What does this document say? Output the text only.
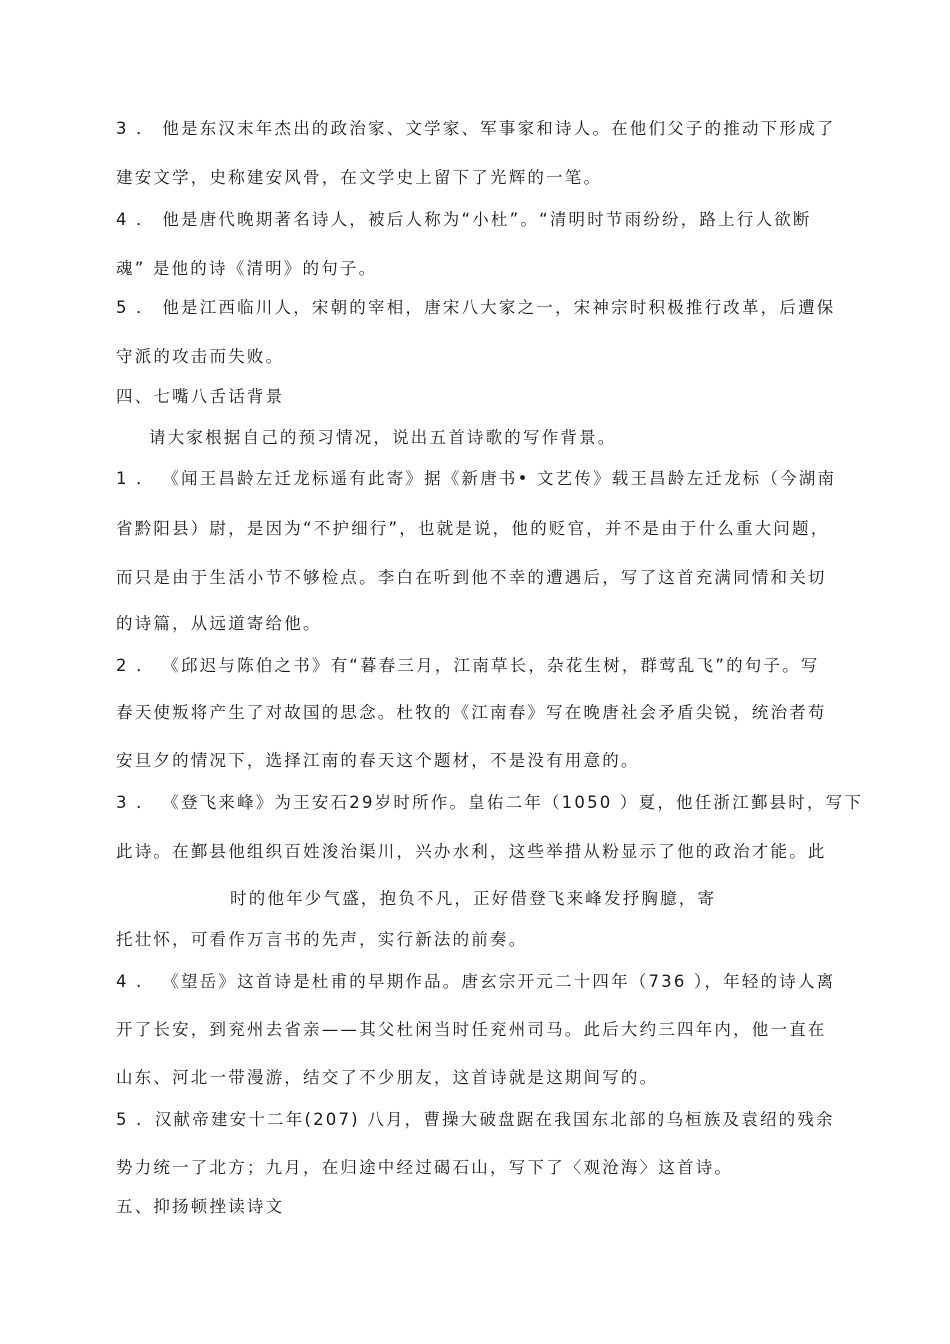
3 ． 他是东汉末年杰出的政治家、文学家、军事家和诗人。在他们父子的推动下形成了
建安文学，史称建安风骨，在文学史上留下了光辉的一笔。
4 ． 他是唐代晚期著名诗人，被后人称为“小杜”。“清明时节雨纷纷，路上行人欲断
魂” 是他的诗《清明》的句子。
5 ． 他是江西临川人，宋朝的宰相，唐宋八大家之一，宋神宗时积极推行改革，后遭保
守派的攻击而失败。
四、七嘴八舌话背景
请大家根据自己的预习情况，说出五首诗歌的写作背景。
1 ． 《闻王昌龄左迁龙标遥有此寄》据《新唐书• 文艺传》载王昌龄左迁龙标（今湖南
省黔阳县）尉，是因为“不护细行”，也就是说，他的贬官，并不是由于什么重大问题，
而只是由于生活小节不够检点。李白在听到他不幸的遭遇后，写了这首充满同情和关切
的诗篇，从远道寄给他。
2 ． 《邱迟与陈伯之书》有“暮春三月，江南草长，杂花生树，群莺乱飞”的句子。写
春天使叛将产生了对故国的思念。杜牧的《江南春》写在晚唐社会矛盾尖锐，统治者苟
安旦夕的情况下，选择江南的春天这个题材，不是没有用意的。
3 ． 《登飞来峰》为王安石29岁时所作。皇佑二年（1050 ）夏，他任浙江鄞县时，写下
此诗。在鄞县他组织百姓浚治渠川，兴办水利，这些举措从粉显示了他的政治才能。此
时的他年少气盛，抱负不凡，正好借登飞来峰发抒胸臆，寄
托壮怀，可看作万言书的先声，实行新法的前奏。
4 ． 《望岳》这首诗是杜甫的早期作品。唐玄宗开元二十四年（736 ），年轻的诗人离
开了长安，到兖州去省亲——其父杜闲当时任兖州司马。此后大约三四年内，他一直在
山东、河北一带漫游，结交了不少朋友，这首诗就是这期间写的。
5 ．汉献帝建安十二年(207) 八月，曹操大破盘踞在我国东北部的乌桓族及袁绍的残余
势力统一了北方；九月，在归途中经过碣石山，写下了〈观沧海〉这首诗。
五、抑扬顿挫读诗文
